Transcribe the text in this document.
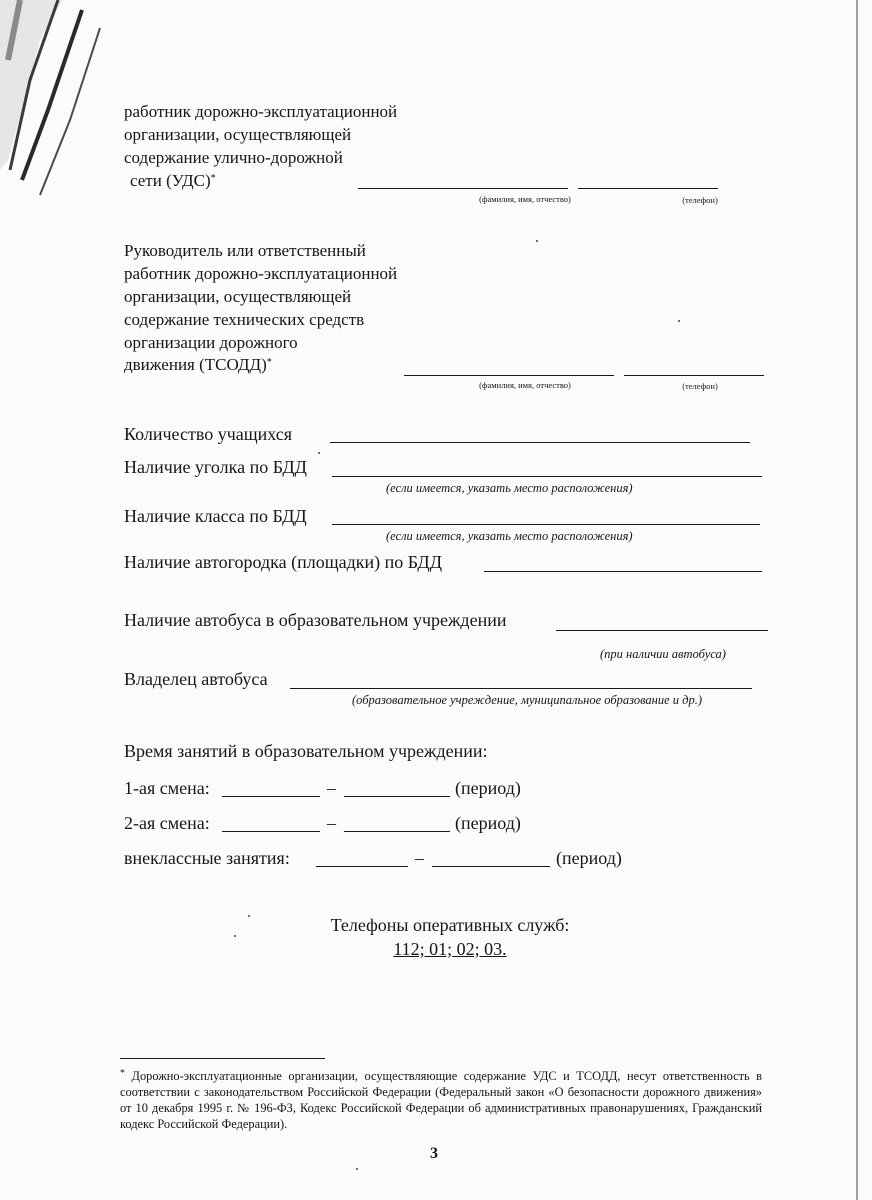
работник дорожно-эксплуатационной

организации, осуществляющей

содержание улично-дорожной

сети (УДС)*

(фамилия, имя, отчество)	(телефон)

Руководитель или ответственный

работник дорожно-эксплуатационной

организации, осуществляющей

содержание технических средств

организации дорожного

движения (ТСОДД)*

(фамилия, имя, отчество)	(телефон)

Количество учащихся

Наличие уголка по БДД

(если имеется, указать место расположения)

Наличие класса по БДД

(если имеется, указать место расположения)

Наличие автогородка (площадки) по БДД

Наличие автобуса в образовательном учреждении

(при наличии автобуса)

Владелец автобуса

(образовательное учреждение, муниципальное образование и др.)

Время занятий в образовательном учреждении:

1-ая смена:	–	(период)

2-ая смена:	–	(период)

внеклассные занятия:	–	(период)

Телефоны оперативных служб:
112; 01; 02; 03.
* Дорожно-эксплуатационные организации, осуществляющие содержание УДС и ТСОДД, несут ответственность в соответствии с законодательством Российской Федерации (Федеральный закон «О безопасности дорожного движения» от 10 декабря 1995 г. № 196-ФЗ, Кодекс Российской Федерации об административных правонарушениях, Гражданский кодекс Российской Федерации).
3
